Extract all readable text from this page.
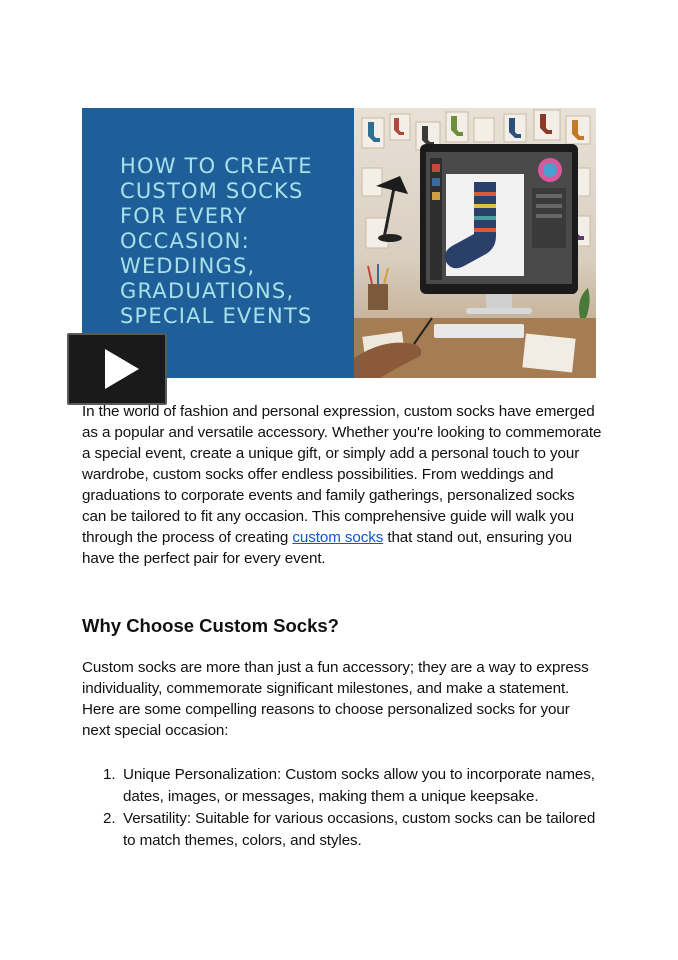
HOW TO CREATE
CUSTOM SOCKS
FOR EVERY
OCCASION:
WEDDINGS,
GRADUATIONS,
SPECIAL EVENTS

In the world of fashion and personal expression, custom socks have emerged as a popular and versatile accessory. Whether you're looking to commemorate a special event, create a unique gift, or simply add a personal touch to your wardrobe, custom socks offer endless possibilities. From weddings and graduations to corporate events and family gatherings, personalized socks can be tailored to fit any occasion. This comprehensive guide will walk you through the process of creating custom socks that stand out, ensuring you have the perfect pair for every event.

Why Choose Custom Socks?

Custom socks are more than just a fun accessory; they are a way to express individuality, commemorate significant milestones, and make a statement. Here are some compelling reasons to choose personalized socks for your next special occasion:

1. Unique Personalization: Custom socks allow you to incorporate names, dates, images, or messages, making them a unique keepsake.
2. Versatility: Suitable for various occasions, custom socks can be tailored to match themes, colors, and styles.
